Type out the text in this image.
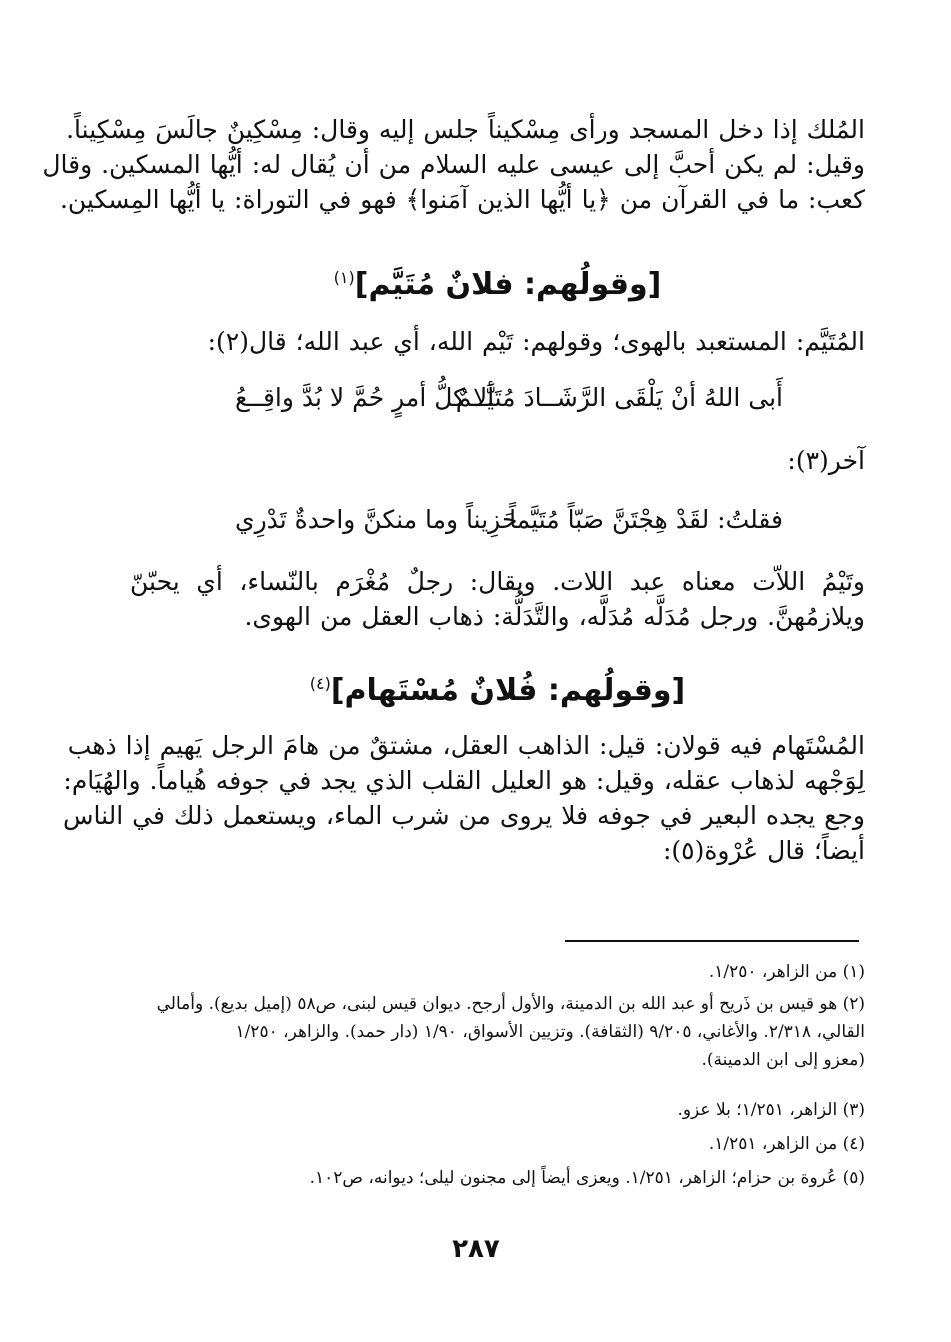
المُلك إذا دخل المسجد ورأى مِسْكيناً جلس إليه وقال: مِسْكِينٌ جالَسَ مِسْكِيناً.
وقيل: لم يكن أحبَّ إلى عيسى عليه السلام من أن يُقال له: أيُّها المسكين. وقال
كعب: ما في القرآن من ﴿يا أيُّها الذين آمَنوا﴾ فهو في التوراة: يا أيُّها المِسكين.
[وقولُهم: فلانٌ مُتَيَّم]$^{(١)}$
المُتَيَّم: المستعبد بالهوى؛ وقولهم: تَيْم الله، أي عبد الله؛ قال(٢):
أَبى اللهُ أنْ يَلْقَى الرَّشَــادَ مُتَيَّــمٌ
ألا كلُّ أمرٍ حُمَّ لا بُدَّ واقِــعُ
آخر(٣):
فقلتُ: لقَدْ هِجْتَنَّ صَبّاً مُتَيَّماً
حَزِيناً وما منكنَّ واحدةٌ تَدْرِي
وتَيْمُ اللاّت معناه عبد اللات. ويقال: رجلٌ مُغْرَم بالنّساء، أي يحبّنّ
ويلازمُهنَّ. ورجل مُدَلَّه مُدَلَّه، والتَّدَلُّة: ذهاب العقل من الهوى.
[وقولُهم: فُلانٌ مُسْتَهام]$^{(٤)}$
المُسْتَهام فيه قولان: قيل: الذاهب العقل، مشتقٌ من هامَ الرجل يَهيم إذا ذهب
لِوَجْهه لذهاب عقله، وقيل: هو العليل القلب الذي يجد في جوفه هُياماً. والهُيَام:
وجع يجده البعير في جوفه فلا يروى من شرب الماء، ويستعمل ذلك في الناس
أيضاً؛ قال عُرْوة(٥):
(١) من الزاهر، ١/٢٥٠.
(٢) هو قيس بن ذَريح أو عبد الله بن الدمينة، والأول أرجح. ديوان قيس لبنى، ص٥٨ (إميل بديع). وأمالي
القالي، ٢/٣١٨. والأغاني، ٩/٢٠٥ (الثقافة). وتزيين الأسواق، ١/٩٠ (دار حمد). والزاهر، ١/٢٥٠
(معزو إلى ابن الدمينة).
(٣) الزاهر، ١/٢٥١؛ بلا عزو.
(٤) من الزاهر، ١/٢٥١.
(٥) عُروة بن حزام؛ الزاهر، ١/٢٥١. ويعزى أيضاً إلى مجنون ليلى؛ ديوانه، ص١٠٢.
٢٨٧
